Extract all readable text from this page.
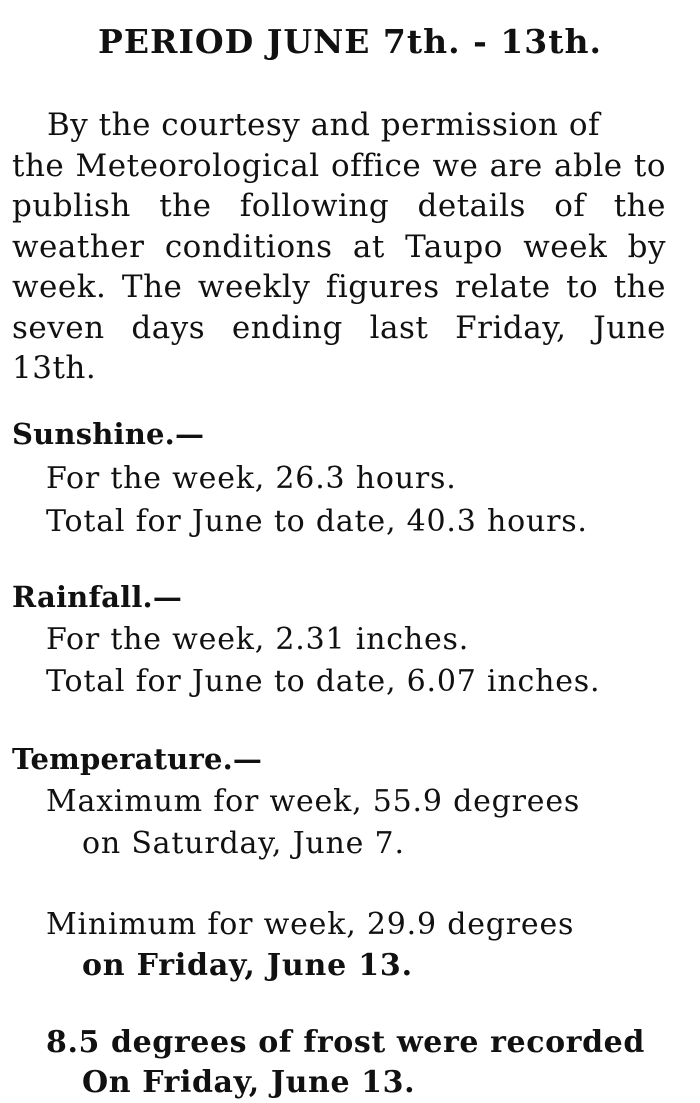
PERIOD JUNE 7th. - 13th.

By the courtesy and permission of
the Meteorological office we are able to publish the following details of the weather conditions at Taupo week by week. The weekly figures relate to the seven days ending last Friday, June 13th.

Sunshine.—

For the week, 26.3 hours.

Total for June to date, 40.3 hours.

Rainfall.—

For the week, 2.31 inches.

Total for June to date, 6.07 inches.

Temperature.—

Maximum for week, 55.9 degrees

on Saturday, June 7.

Minimum for week, 29.9 degrees

on Friday, June 13.

8.5 degrees of frost were recorded

On Friday, June 13.
